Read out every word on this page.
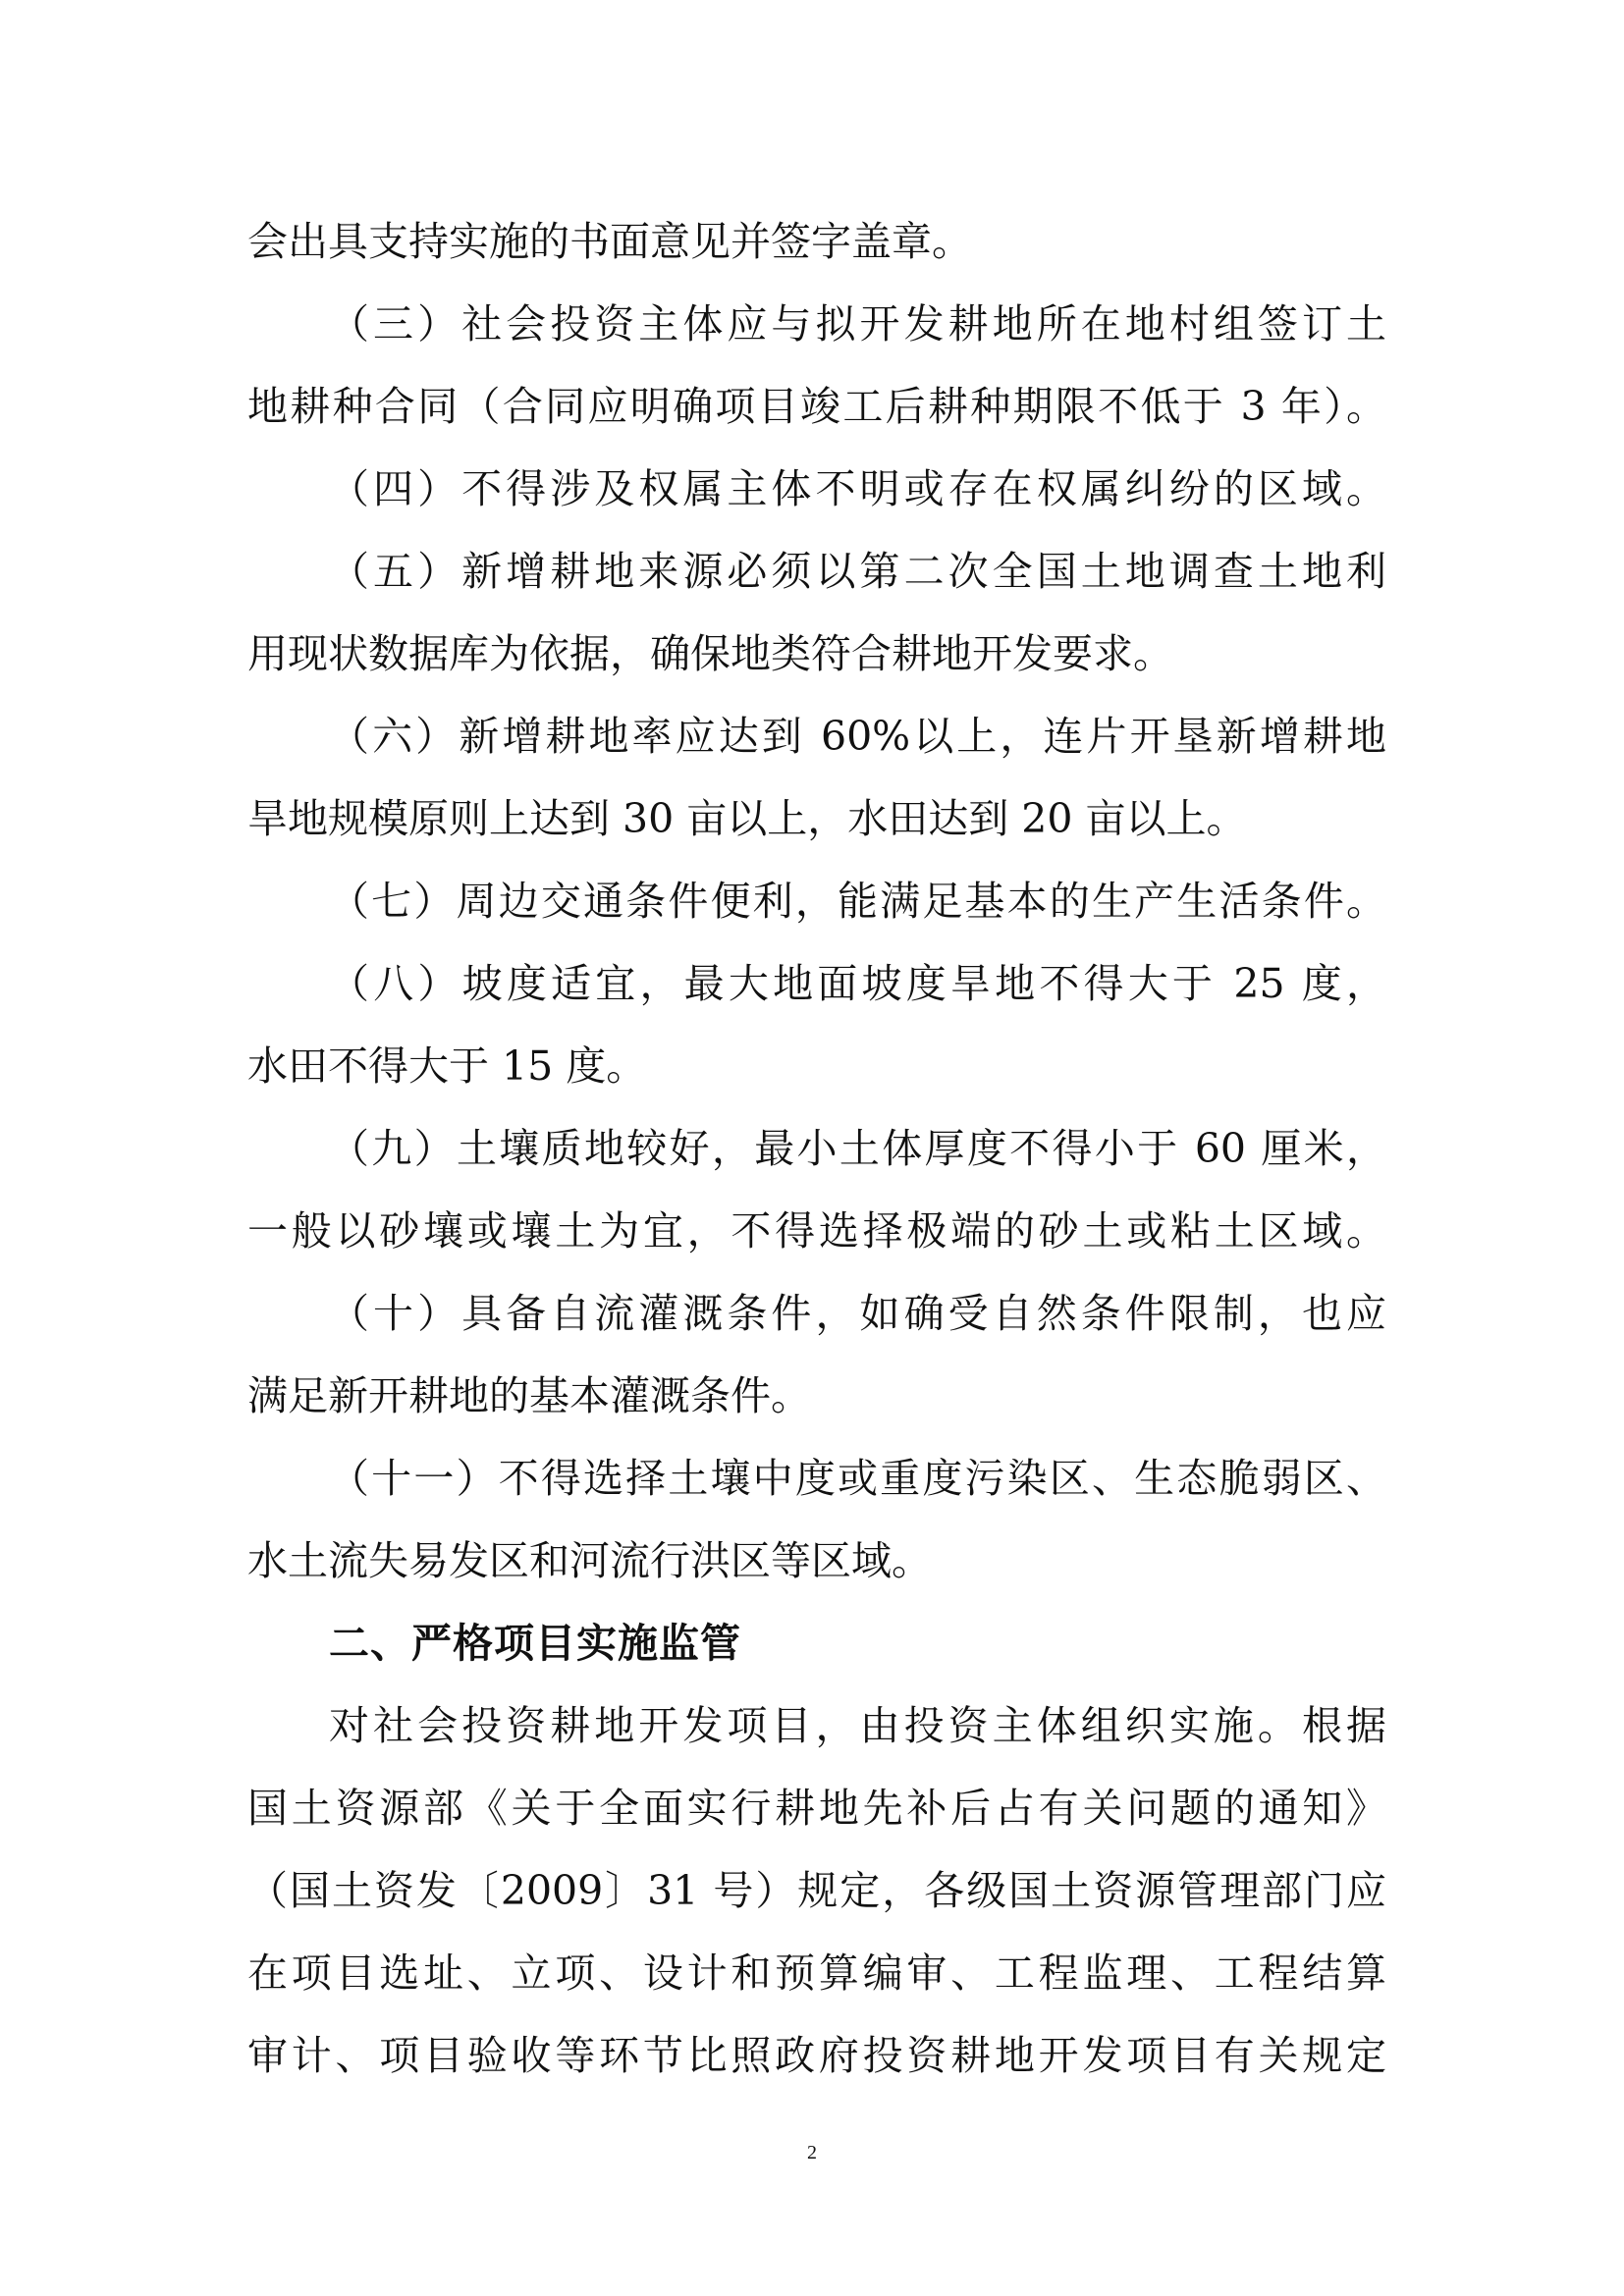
会出具支持实施的书面意见并签字盖章。
（三）社会投资主体应与拟开发耕地所在地村组签订土
地耕种合同（合同应明确项目竣工后耕种期限不低于 3 年）。
（四）不得涉及权属主体不明或存在权属纠纷的区域。
（五）新增耕地来源必须以第二次全国土地调查土地利
用现状数据库为依据，确保地类符合耕地开发要求。
（六）新增耕地率应达到 60%以上，连片开垦新增耕地
旱地规模原则上达到 30 亩以上，水田达到 20 亩以上。
（七）周边交通条件便利，能满足基本的生产生活条件。
（八）坡度适宜，最大地面坡度旱地不得大于 25 度，
水田不得大于 15 度。
（九）土壤质地较好，最小土体厚度不得小于 60 厘米，
一般以砂壤或壤土为宜，不得选择极端的砂土或粘土区域。
（十）具备自流灌溉条件，如确受自然条件限制，也应
满足新开耕地的基本灌溉条件。
（十一）不得选择土壤中度或重度污染区、生态脆弱区、
水土流失易发区和河流行洪区等区域。
二、严格项目实施监管
对社会投资耕地开发项目，由投资主体组织实施。根据
国土资源部《关于全面实行耕地先补后占有关问题的通知》
（国土资发〔2009〕31 号）规定，各级国土资源管理部门应
在项目选址、立项、设计和预算编审、工程监理、工程结算
审计、项目验收等环节比照政府投资耕地开发项目有关规定
2
